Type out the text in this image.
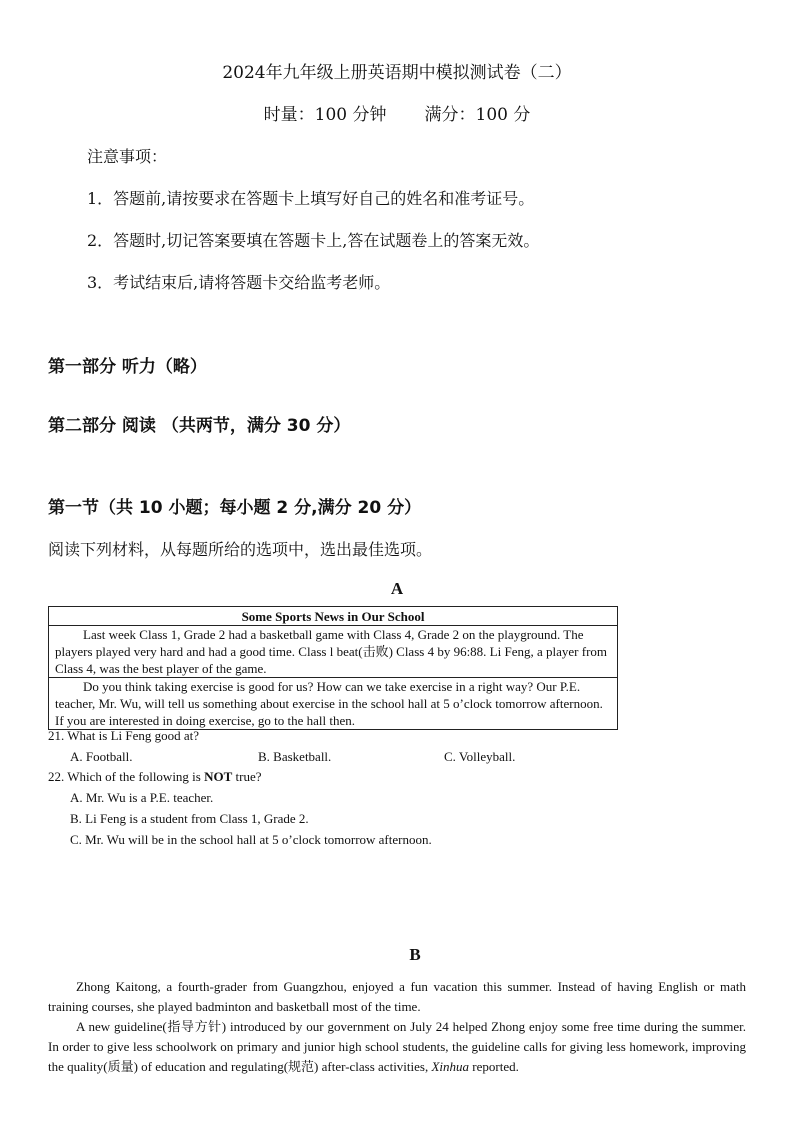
2024年九年级上册英语期中模拟测试卷（二）
时量：100 分钟 满分：100 分
注意事项：
1．答题前,请按要求在答题卡上填写好自己的姓名和准考证号。
2．答题时,切记答案要填在答题卡上,答在试题卷上的答案无效。
3．考试结束后,请将答题卡交给监考老师。
第一部分 听力（略）
第二部分 阅读 （共两节，满分 30 分）
第一节（共 10 小题；每小题 2 分,满分 20 分）
阅读下列材料，从每题所给的选项中，选出最佳选项。
A
Some Sports News in Our School

Last week Class 1, Grade 2 had a basketball game with Class 4, Grade 2 on the playground. The players played very hard and had a good time. Class l beat(击败) Class 4 by 96:88. Li Feng, a player from Class 4, was the best player of the game.

Do you think taking exercise is good for us? How can we take exercise in a right way? Our P.E. teacher, Mr. Wu, will tell us something about exercise in the school hall at 5 o’clock tomorrow afternoon. If you are interested in doing exercise, go to the hall then.

21. What is Li Feng good at?
A. Football.	B. Basketball.	C. Volleyball.
22. Which of the following is NOT true?
A. Mr. Wu is a P.E. teacher.
B. Li Feng is a student from Class 1, Grade 2.
C. Mr. Wu will be in the school hall at 5 o’clock tomorrow afternoon.
B

Zhong Kaitong, a fourth-grader from Guangzhou, enjoyed a fun vacation this summer. Instead of having English or math training courses, she played badminton and basketball most of the time.

A new guideline(指导方针) introduced by our government on July 24 helped Zhong enjoy some free time during the summer. In order to give less schoolwork on primary and junior high school students, the guideline calls for giving less homework, improving the quality(质量) of education and regulating(规范) after-class activities, Xinhua reported.
